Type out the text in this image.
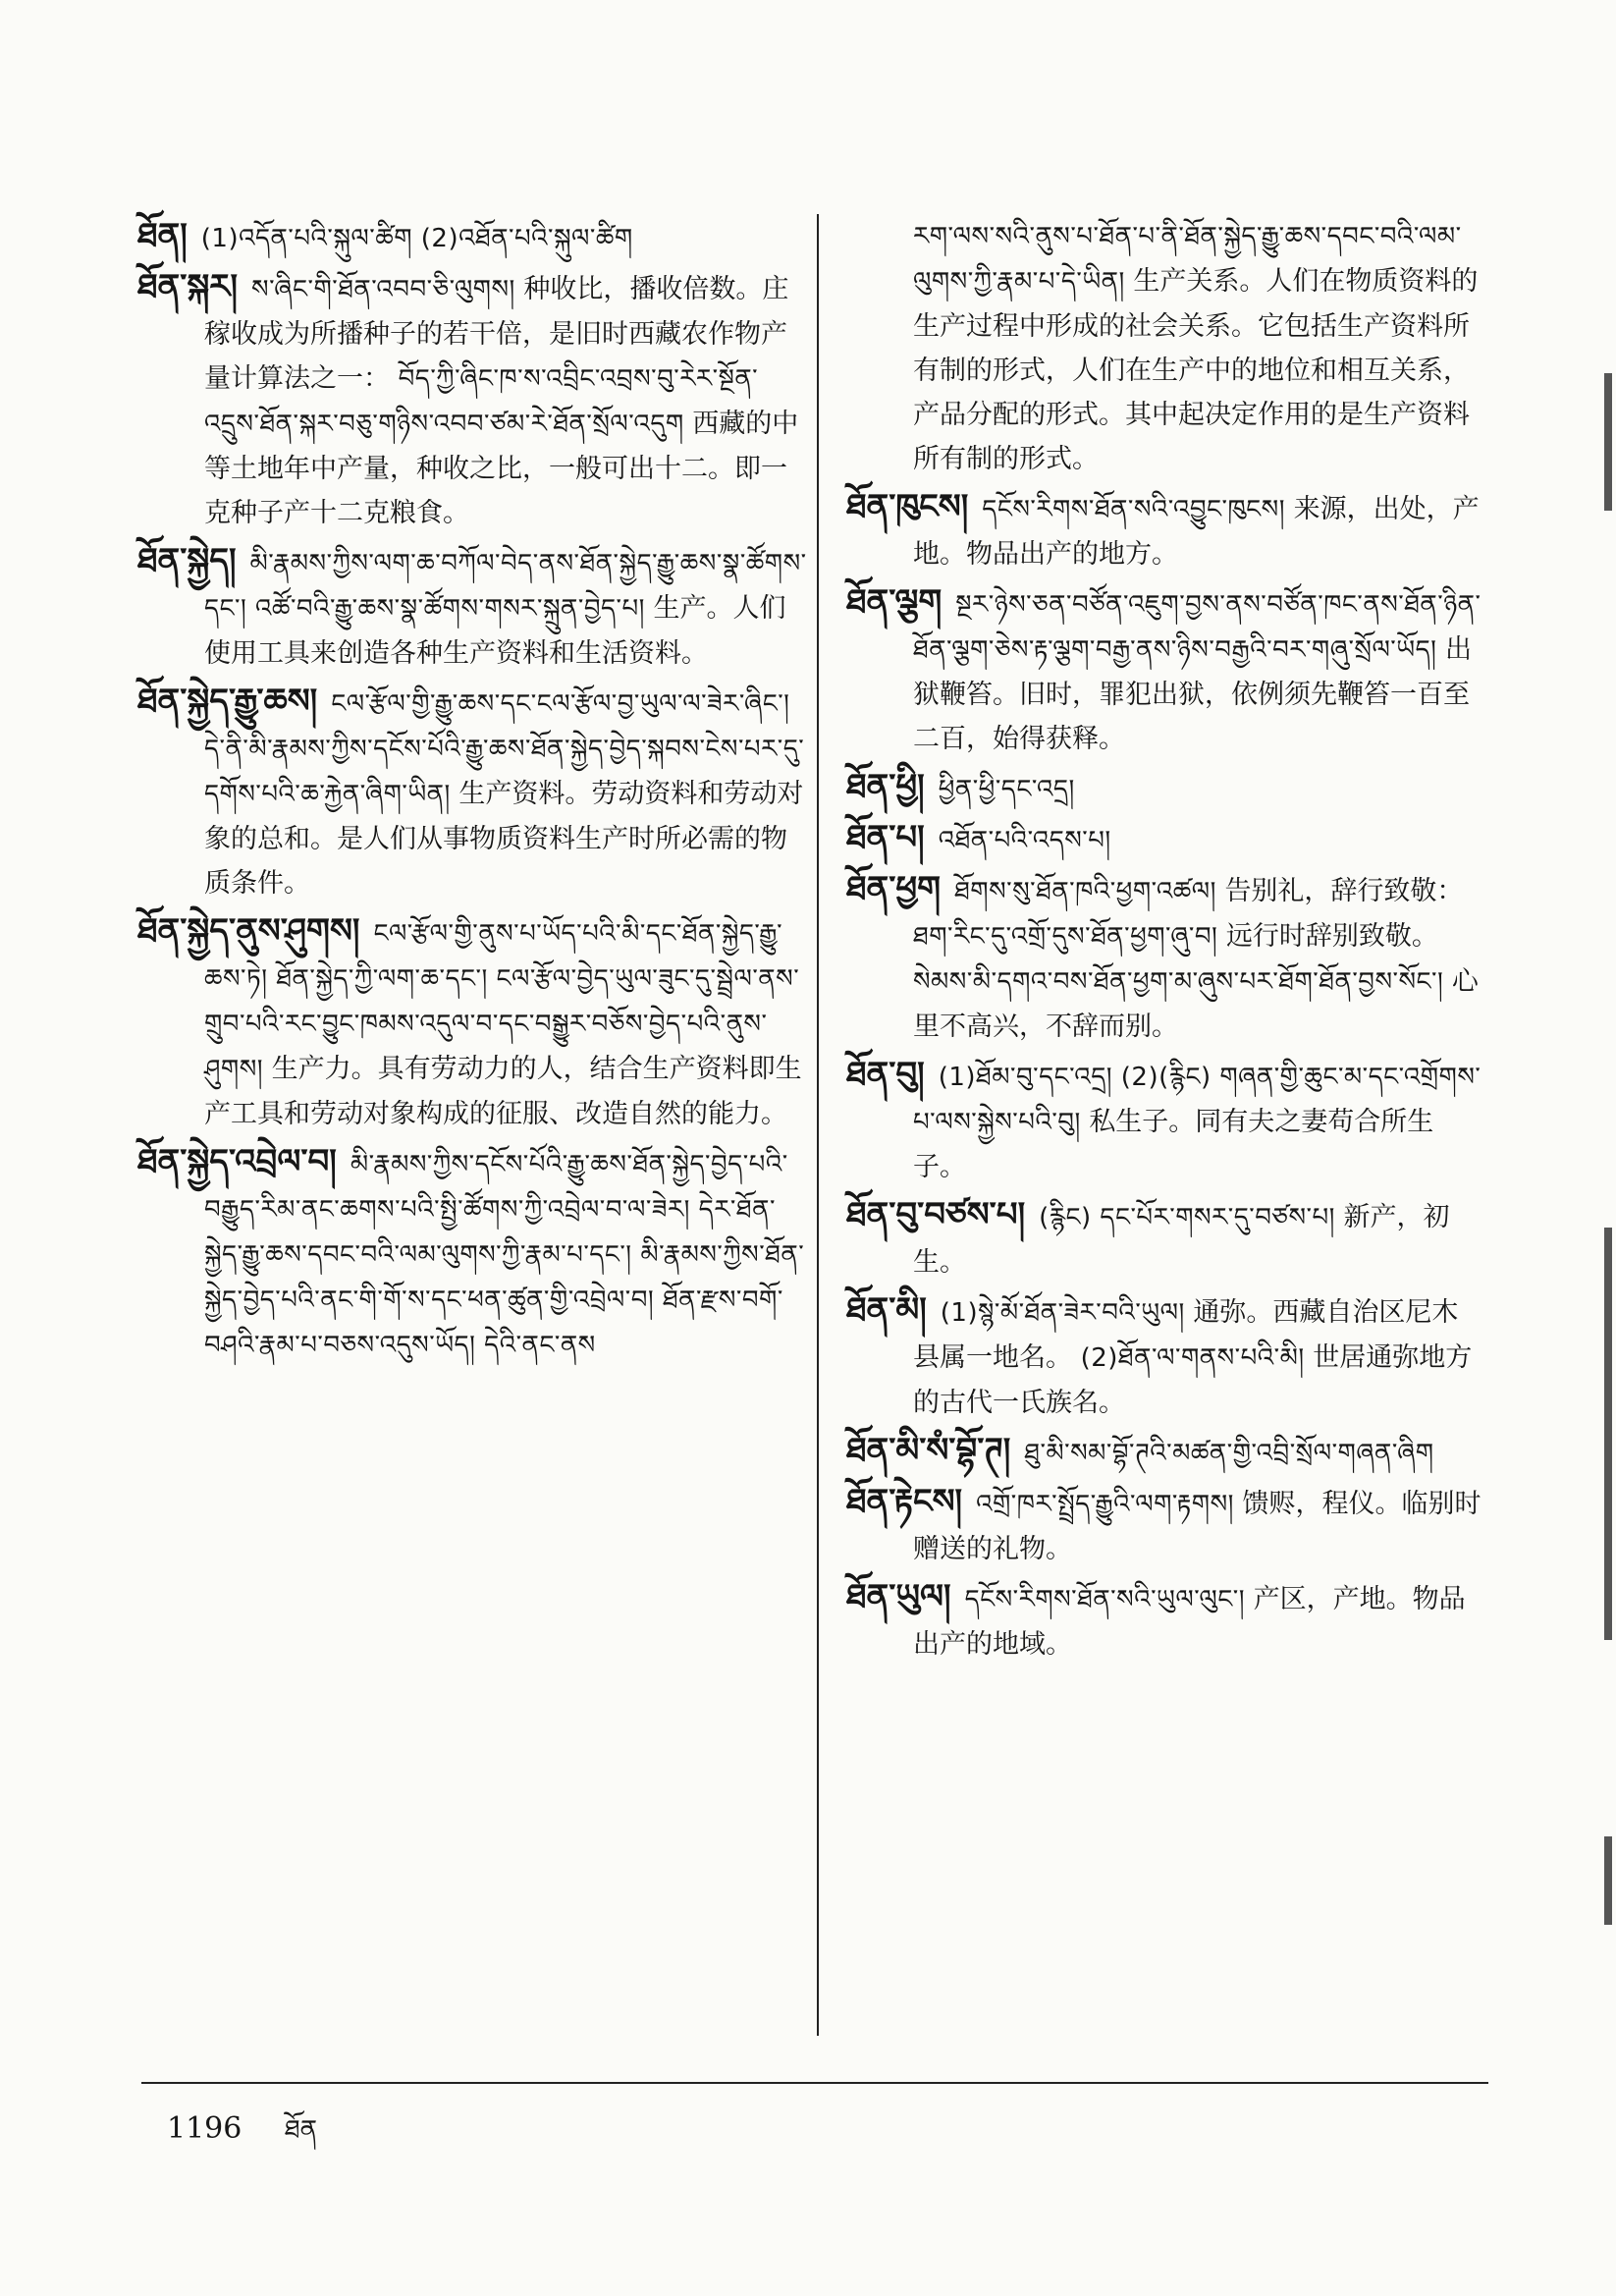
ཐོན། (1)འདོན་པའི་སྐུལ་ཚིག (2)འཐོན་པའི་སྐུལ་ཚིག
ཐོན་སྐར། ས་ཞིང་གི་ཐོན་འབབ་ཅི་ལུགས། 种收比，播收倍数。庄稼收成为所播种子的若干倍，是旧时西藏农作物产量计算法之一： བོད་ཀྱི་ཞིང་ཁ་ས་འབྲིང་འབྲས་བུ་རེར་སྔོན་འདྲུས་ཐོན་སྐར་བཅུ་གཉིས་འབབ་ཙམ་རེ་ཐོན་སྲོལ་འདུག 西藏的中等土地年中产量，种收之比，一般可出十二。即一克种子产十二克粮食。
ཐོན་སྐྱེད། མི་རྣམས་ཀྱིས་ལག་ཆ་བཀོལ་བེད་ནས་ཐོན་སྐྱེད་རྒྱུ་ཆས་སྣ་ཚོགས་དང་། འཚོ་བའི་རྒྱུ་ཆས་སྣ་ཚོགས་གསར་སྐྲུན་བྱེད་པ། 生产。人们使用工具来创造各种生产资料和生活资料。
ཐོན་སྐྱེད་རྒྱུ་ཆས། ངལ་རྩོལ་གྱི་རྒྱུ་ཆས་དང་ངལ་རྩོལ་བྱ་ཡུལ་ལ་ཟེར་ཞིང་། དེ་ནི་མི་རྣམས་ཀྱིས་དངོས་པོའི་རྒྱུ་ཆས་ཐོན་སྐྱེད་བྱེད་སྐབས་ངེས་པར་དུ་དགོས་པའི་ཆ་རྐྱེན་ཞིག་ཡིན། 生产资料。劳动资料和劳动对象的总和。是人们从事物质资料生产时所必需的物质条件。
ཐོན་སྐྱེད་ནུས་ཤུགས། ངལ་རྩོལ་གྱི་ནུས་པ་ཡོད་པའི་མི་དང་ཐོན་སྐྱེད་རྒྱུ་ཆས་ཏེ། ཐོན་སྐྱེད་ཀྱི་ལག་ཆ་དང་། ངལ་རྩོལ་བྱེད་ཡུལ་ཟུང་དུ་སྦྲེལ་ནས་གྲུབ་པའི་རང་བྱུང་ཁམས་འདུལ་བ་དང་བསྒྱུར་བཅོས་བྱེད་པའི་ནུས་ཤུགས། 生产力。具有劳动力的人，结合生产资料即生产工具和劳动对象构成的征服、改造自然的能力。
ཐོན་སྐྱེད་འབྲེལ་བ། མི་རྣམས་ཀྱིས་དངོས་པོའི་རྒྱུ་ཆས་ཐོན་སྐྱེད་བྱེད་པའི་བརྒྱུད་རིམ་ནང་ཆགས་པའི་སྤྱི་ཚོགས་ཀྱི་འབྲེལ་བ་ལ་ཟེར། དེར་ཐོན་སྐྱེད་རྒྱུ་ཆས་དབང་བའི་ལམ་ལུགས་ཀྱི་རྣམ་པ་དང་། མི་རྣམས་ཀྱིས་ཐོན་སྐྱེད་བྱེད་པའི་ནང་གི་གོ་ས་དང་ཕན་ཚུན་གྱི་འབྲེལ་བ། ཐོན་རྫས་བགོ་བཤའི་རྣམ་པ་བཅས་འདུས་ཡོད། དེའི་ནང་ནས
རག་ལས་སའི་ནུས་པ་ཐོན་པ་ནི་ཐོན་སྐྱེད་རྒྱུ་ཆས་དབང་བའི་ལམ་ལུགས་ཀྱི་རྣམ་པ་དེ་ཡིན། 生产关系。人们在物质资料的生产过程中形成的社会关系。它包括生产资料所有制的形式，人们在生产中的地位和相互关系，产品分配的形式。其中起决定作用的是生产资料所有制的形式。
ཐོན་ཁུངས། དངོས་རིགས་ཐོན་སའི་འབྱུང་ཁུངས། 来源，出处，产地。物品出产的地方。
ཐོན་ལྕག སྔར་ཉེས་ཅན་བཙོན་འཇུག་བྱས་ནས་བཙོན་ཁང་ནས་ཐོན་ཉིན་ཐོན་ལྕག་ཅེས་རྟ་ལྕག་བརྒྱ་ནས་ཉིས་བརྒྱའི་བར་གཞུ་སྲོལ་ཡོད། 出狱鞭笞。旧时，罪犯出狱，依例须先鞭笞一百至二百，始得获释。
ཐོན་ཕྱི། ཕྱིན་ཕྱི་དང་འདྲ།
ཐོན་པ། འཐོན་པའི་འདས་པ།
ཐོན་ཕྱག ཐོགས་སུ་ཐོན་ཁའི་ཕྱག་འཚལ། 告别礼，辞行致敬： ཐག་རིང་དུ་འགྲོ་དུས་ཐོན་ཕྱག་ཞུ་བ། 远行时辞别致敬。 སེམས་མི་དགའ་བས་ཐོན་ཕྱག་མ་ཞུས་པར་ཐོག་ཐོན་བྱས་སོང་། 心里不高兴，不辞而别。
ཐོན་བུ། (1)ཐོམ་བུ་དང་འདྲ། (2)(རྙིང) གཞན་གྱི་ཆུང་མ་དང་འགྲོགས་པ་ལས་སྐྱེས་པའི་བུ། 私生子。同有夫之妻苟合所生子。
ཐོན་བུ་བཙས་པ། (རྙིང) དང་པོར་གསར་དུ་བཙས་པ། 新产，初生。
ཐོན་མི། (1)སྙེ་མོ་ཐོན་ཟེར་བའི་ཡུལ། 通弥。西藏自治区尼木县属一地名。 (2)ཐོན་ལ་གནས་པའི་མི། 世居通弥地方的古代一氏族名。
ཐོན་མི་སཾ་བྷོ་ཊ། ཐུ་མི་སམ་བྷོ་ཊའི་མཚན་གྱི་འབྲི་སྲོལ་གཞན་ཞིག
ཐོན་རྟེངས། འགྲོ་ཁར་སྤྲོད་རྒྱུའི་ལག་རྟགས། 馈赆，程仪。临别时赠送的礼物。
ཐོན་ཡུལ། དངོས་རིགས་ཐོན་སའི་ཡུལ་ལུང་། 产区，产地。物品出产的地域。
1196 ཐོན
